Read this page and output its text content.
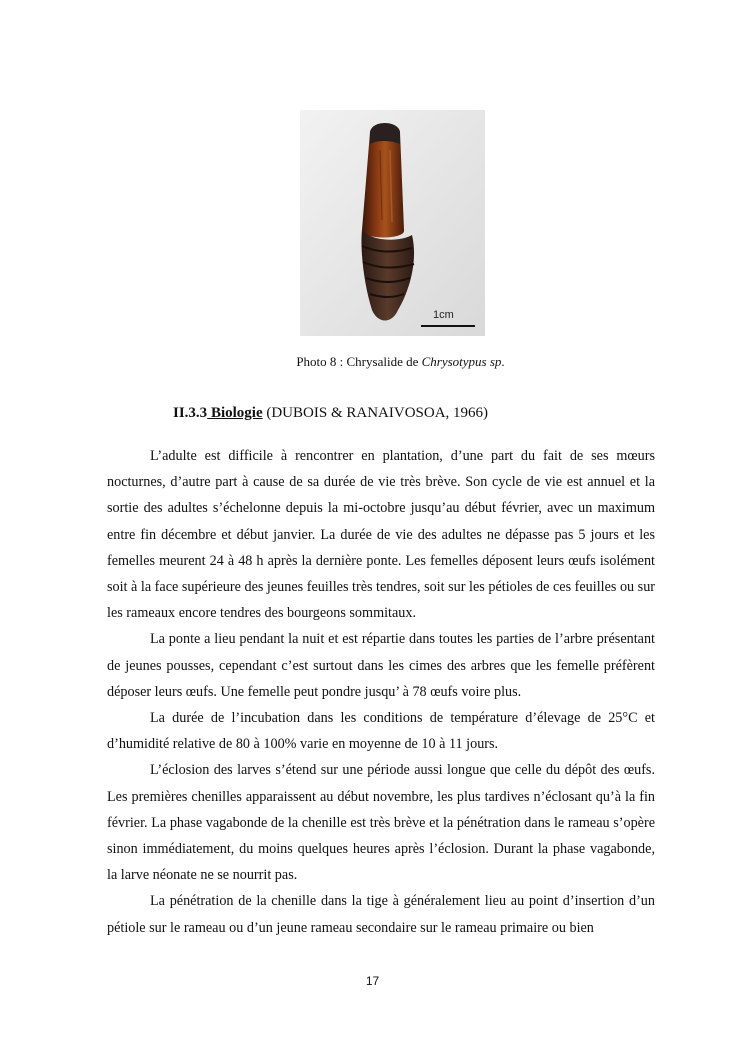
1cm
Photo 8 : Chrysalide de Chrysotypus sp.
II.3.3 Biologie (DUBOIS & RANAIVOSOA, 1966)

L’adulte est difficile à rencontrer en plantation, d’une part du fait de ses mœurs nocturnes, d’autre part à cause de sa durée de vie très brève. Son cycle de vie est annuel et la sortie des adultes s’échelonne depuis la mi-octobre jusqu’au début février, avec un maximum entre fin décembre et début janvier. La durée de vie des adultes ne dépasse pas 5 jours et les femelles meurent 24 à 48 h après la dernière ponte. Les femelles déposent leurs œufs isolément soit à la face supérieure des jeunes feuilles très tendres, soit sur les pétioles de ces feuilles ou sur les rameaux encore tendres des bourgeons sommitaux.

La ponte a lieu pendant la nuit et est répartie dans toutes les parties de l’arbre présentant de jeunes pousses, cependant c’est surtout dans les cimes des arbres que les femelle préfèrent déposer leurs œufs. Une femelle peut pondre jusqu’ à 78 œufs voire plus.

La durée de l’incubation dans les conditions de température d’élevage de 25°C et d’humidité relative de 80 à 100% varie en moyenne de 10 à 11 jours.

L’éclosion des larves s’étend sur une période aussi longue que celle du dépôt des œufs. Les premières chenilles apparaissent au début novembre, les plus tardives n’éclosant qu’à la fin février. La phase vagabonde de la chenille est très brève et la pénétration dans le rameau s’opère sinon immédiatement, du moins quelques heures après l’éclosion. Durant la phase vagabonde, la larve néonate ne se nourrit pas.

La pénétration de la chenille dans la tige à généralement lieu au point d’insertion d’un pétiole sur le rameau ou d’un jeune rameau secondaire sur le rameau primaire ou bien

17
